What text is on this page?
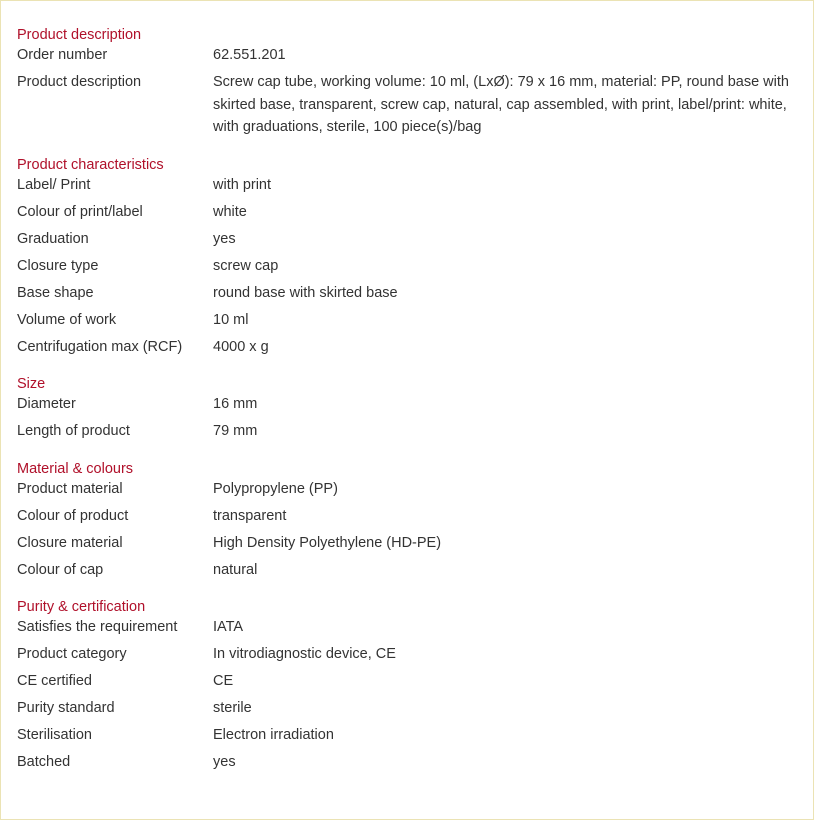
Product description
Order number	62.551.201
Product description	Screw cap tube, working volume: 10 ml, (LxØ): 79 x 16 mm, material: PP, round base with skirted base, transparent, screw cap, natural, cap assembled, with print, label/print: white, with graduations, sterile, 100 piece(s)/bag
Product characteristics
Label/ Print	with print
Colour of print/label	white
Graduation	yes
Closure type	screw cap
Base shape	round base with skirted base
Volume of work	10 ml
Centrifugation max (RCF)	4000 x g
Size
Diameter	16 mm
Length of product	79 mm
Material & colours
Product material	Polypropylene (PP)
Colour of product	transparent
Closure material	High Density Polyethylene (HD-PE)
Colour of cap	natural
Purity & certification
Satisfies the requirement	IATA
Product category	In vitrodiagnostic device, CE
CE certified	CE
Purity standard	sterile
Sterilisation	Electron irradiation
Batched	yes
